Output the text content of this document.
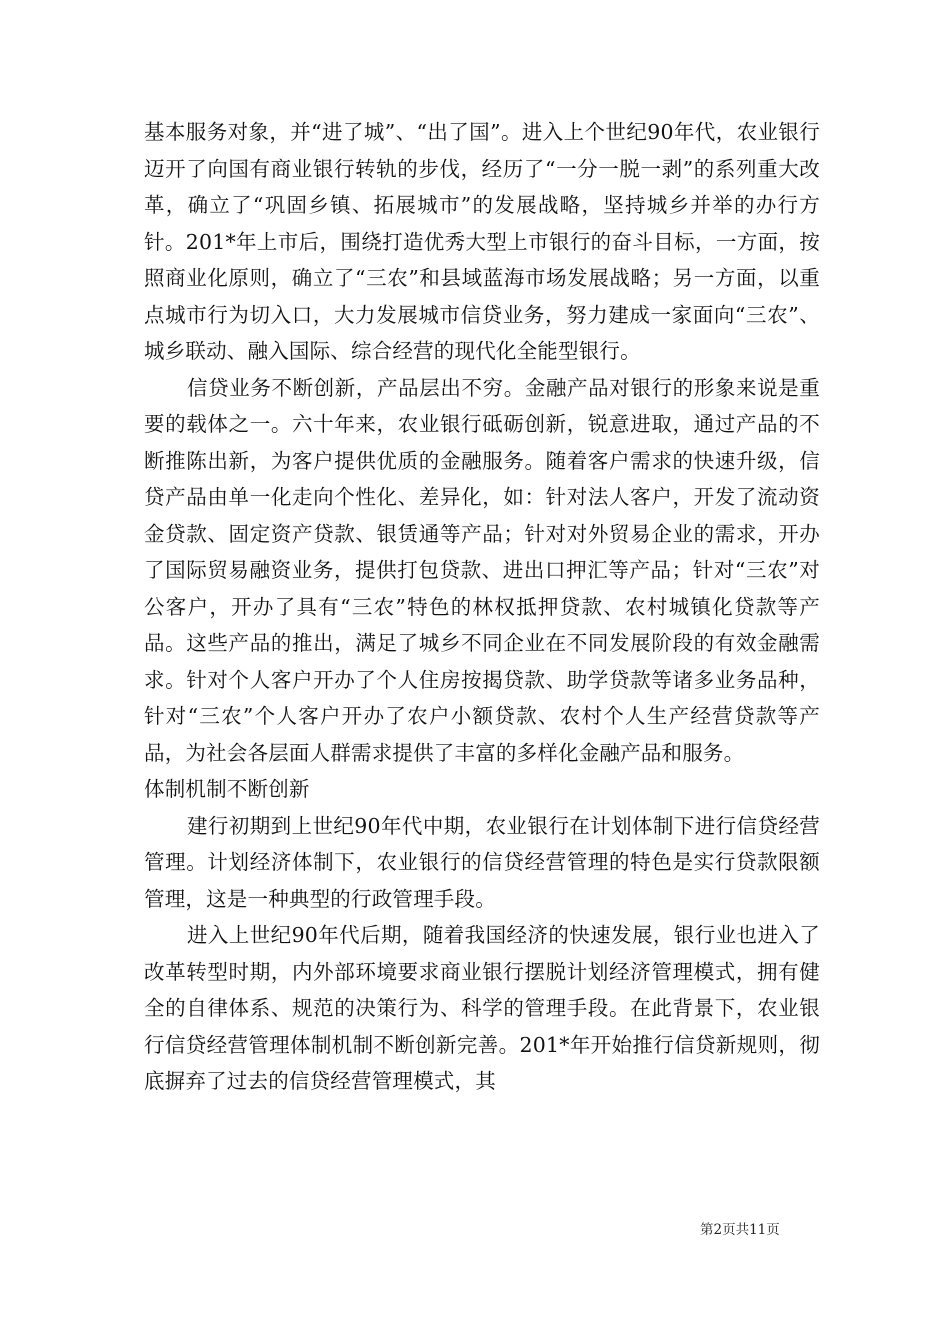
基本服务对象，并“进了城”、“出了国”。进入上个世纪90年代，农业银行迈开了向国有商业银行转轨的步伐，经历了“一分一脱一剥”的系列重大改革，确立了“巩固乡镇、拓展城市”的发展战略，坚持城乡并举的办行方针。201*年上市后，围绕打造优秀大型上市银行的奋斗目标，一方面，按照商业化原则，确立了“三农”和县域蓝海市场发展战略；另一方面，以重点城市行为切入口，大力发展城市信贷业务，努力建成一家面向“三农”、城乡联动、融入国际、综合经营的现代化全能型银行。

信贷业务不断创新，产品层出不穷。金融产品对银行的形象来说是重要的载体之一。六十年来，农业银行砥砺创新，锐意进取，通过产品的不断推陈出新，为客户提供优质的金融服务。随着客户需求的快速升级，信贷产品由单一化走向个性化、差异化，如：针对法人客户，开发了流动资金贷款、固定资产贷款、银赁通等产品；针对对外贸易企业的需求，开办了国际贸易融资业务，提供打包贷款、进出口押汇等产品；针对“三农”对公客户，开办了具有“三农”特色的林权抵押贷款、农村城镇化贷款等产品。这些产品的推出，满足了城乡不同企业在不同发展阶段的有效金融需求。针对个人客户开办了个人住房按揭贷款、助学贷款等诸多业务品种，针对“三农”个人客户开办了农户小额贷款、农村个人生产经营贷款等产品，为社会各层面人群需求提供了丰富的多样化金融产品和服务。

体制机制不断创新

建行初期到上世纪90年代中期，农业银行在计划体制下进行信贷经营管理。计划经济体制下，农业银行的信贷经营管理的特色是实行贷款限额管理，这是一种典型的行政管理手段。

进入上世纪90年代后期，随着我国经济的快速发展，银行业也进入了改革转型时期，内外部环境要求商业银行摆脱计划经济管理模式，拥有健全的自律体系、规范的决策行为、科学的管理手段。在此背景下，农业银行信贷经营管理体制机制不断创新完善。201*年开始推行信贷新规则，彻底摒弃了过去的信贷经营管理模式，其

第2页共11页
